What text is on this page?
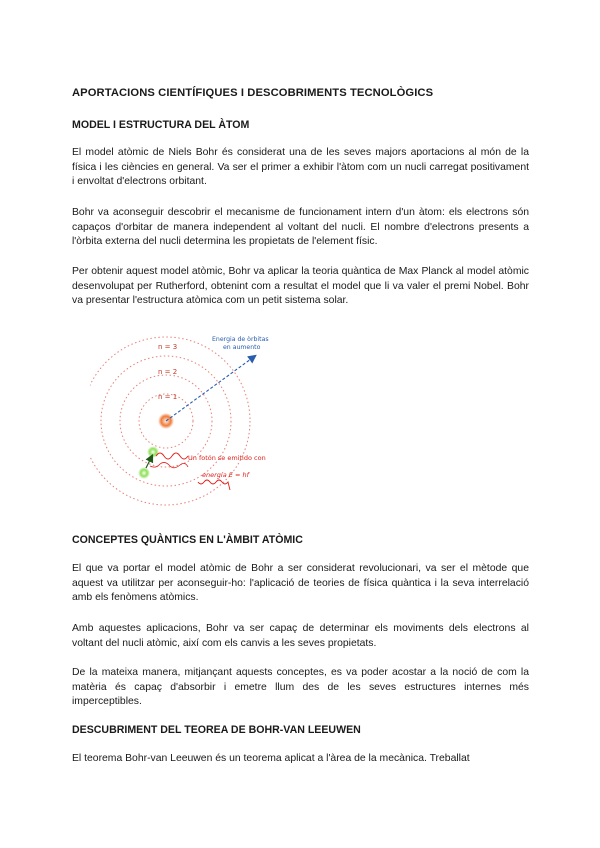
APORTACIONS CIENTÍFIQUES I DESCOBRIMENTS TECNOLÒGICS
MODEL I ESTRUCTURA DEL ÀTOM

El model atòmic de Niels Bohr és considerat una de les seves majors aportacions al món de la física i les ciències en general. Va ser el primer a exhibir l'àtom com un nucli carregat positivament i envoltat d'electrons orbitant.

Bohr va aconseguir descobrir el mecanisme de funcionament intern d'un àtom: els electrons són capaços d'orbitar de manera independent al voltant del nucli. El nombre d'electrons presents a l'òrbita externa del nucli determina les propietats de l'element físic.

Per obtenir aquest model atòmic, Bohr va aplicar la teoria quàntica de Max Planck al model atòmic desenvolupat per Rutherford, obtenint com a resultat el model que li va valer el premi Nobel. Bohr va presentar l'estructura atòmica com un petit sistema solar.

n = 3
n = 2
n = 1
Energia de òrbitas
en aumento
Un fotón se emitido con
energía E = hf
CONCEPTES QUÀNTICS EN L'ÀMBIT ATÒMIC

El que va portar el model atòmic de Bohr a ser considerat revolucionari, va ser el mètode que aquest va utilitzar per aconseguir-ho: l'aplicació de teories de física quàntica i la seva interrelació amb els fenòmens atòmics.

Amb aquestes aplicacions, Bohr va ser capaç de determinar els moviments dels electrons al voltant del nucli atòmic, així com els canvis a les seves propietats.

De la mateixa manera, mitjançant aquests conceptes, es va poder acostar a la noció de com la matèria és capaç d'absorbir i emetre llum des de les seves estructures internes més imperceptibles.

DESCUBRIMENT DEL TEOREA DE BOHR-VAN LEEUWEN

El teorema Bohr-van Leeuwen és un teorema aplicat a l'àrea de la mecànica. Treballat
